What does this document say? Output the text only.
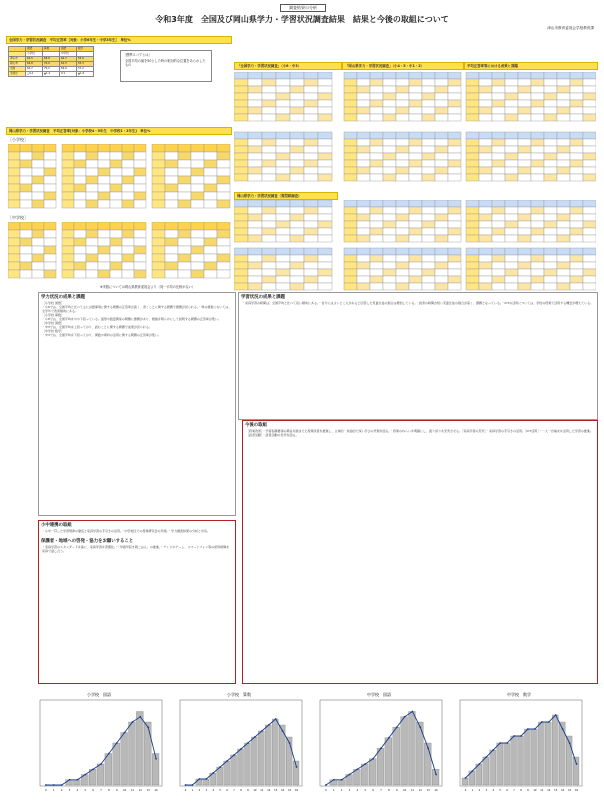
調査結果の分析
令和3年度　全国及び岡山県学力・学習状況調査結果　結果と今後の取組について
津山市教育委員会学校教育課
全国学力・学習状況調査　平均正答率［対象：小学6年生・中学3年生］　単位%
	国語	算数	国語	数学
	小学校		中学校	
津山市	64.5	68.8	64.7	55.6
岡山県	64.8	70.0	61.5	55.3
全国	64.7	70.2	64.6	57.2
全国比	△0.2	▲1.4	0.1	▲1.6
［標準スコアとは］
全国平均の値を50とした時の相対的な位置をあらわしたもの
岡山県学力・学習状況調査　平均正答率[対象：小学校4・5年生　中学校1・2年生]　単位%
［小学校］
［中学校］
※実数については岡山県教育委員会より（同一平均の比較がない）
「全国学力・学習状況調査」（小6・中3）	「岡山県学力・学習状況調査」（小4・5・中1・2）	平均正答率等における成果と課題
岡山県学力・学習状況調査（質問紙調査）
学力状況の成果と課題
［小学校 国語］
・小6では、全国平均と比べて主に言語事項に関する問題の正答率が高く、書くことに関する問題で課題が見られる。・県の調査においては、全学年で改善傾向にある。
［小学校 算数］
・小6では、全国平均をやや下回っている。図形や数量関係の問題に課題があり、根拠を明らかにして説明する問題の正答率が低い。
［中学校 国語］
・中3では、全国平均を上回っており、読むことに関する問題で成果が見られる。
［中学校 数学］
・中3では、全国平均を下回っており、関数や資料の活用に関する問題の正答率が低い。
学習状況の成果と課題
・家庭学習の時間は、全国平均と比べて長い傾向にある。・自分にはよいところがあると回答した児童生徒の割合は増加している。・読書の時間が短い児童生徒の割合が高く、課題となっている。・ICTの活用については、学校の授業で活用する機会が増えている。
小中連携の取組
・小中一貫した学習規律の徹底と家庭学習の手引きの活用。・中学校区での授業研究会の実施。・学力調査結果の分析と共有。
保護者・地域への啓発・協力をお願いすること
・家庭学習のスタンダードを基に、家庭学習を習慣化。・「早寝早起き朝ごはん」の推進。・テレビやゲーム、スマートフォン等の使用時間を家庭で話し合う。
今後の取組
［授業改善］・学習指導要領の趣旨を踏まえた授業改善を推進し、主体的・対話的で深い学びの実現を図る。・授業のねらいを明確にし、振り返りを充実させる。［家庭学習の充実］・家庭学習の手引きの活用。［ICT活用］・一人一台端末を活用した学習の推進。［読書活動］・読書活動の充実を図る。
小学校　国語
0	1	2	3	4	5	6	7	8	9 10 11 12 13 14
小学校　算数
0 1 2 3 4 5 6 7 8 9 10 11 12 13 14 15 16
中学校　国語
0	1	2	3	4	5	6	7	8	9 10 11 12 13 14
中学校　数学
0 1 2 3 4 5 6 7 8 9 10 11 12 13 14 15 16
